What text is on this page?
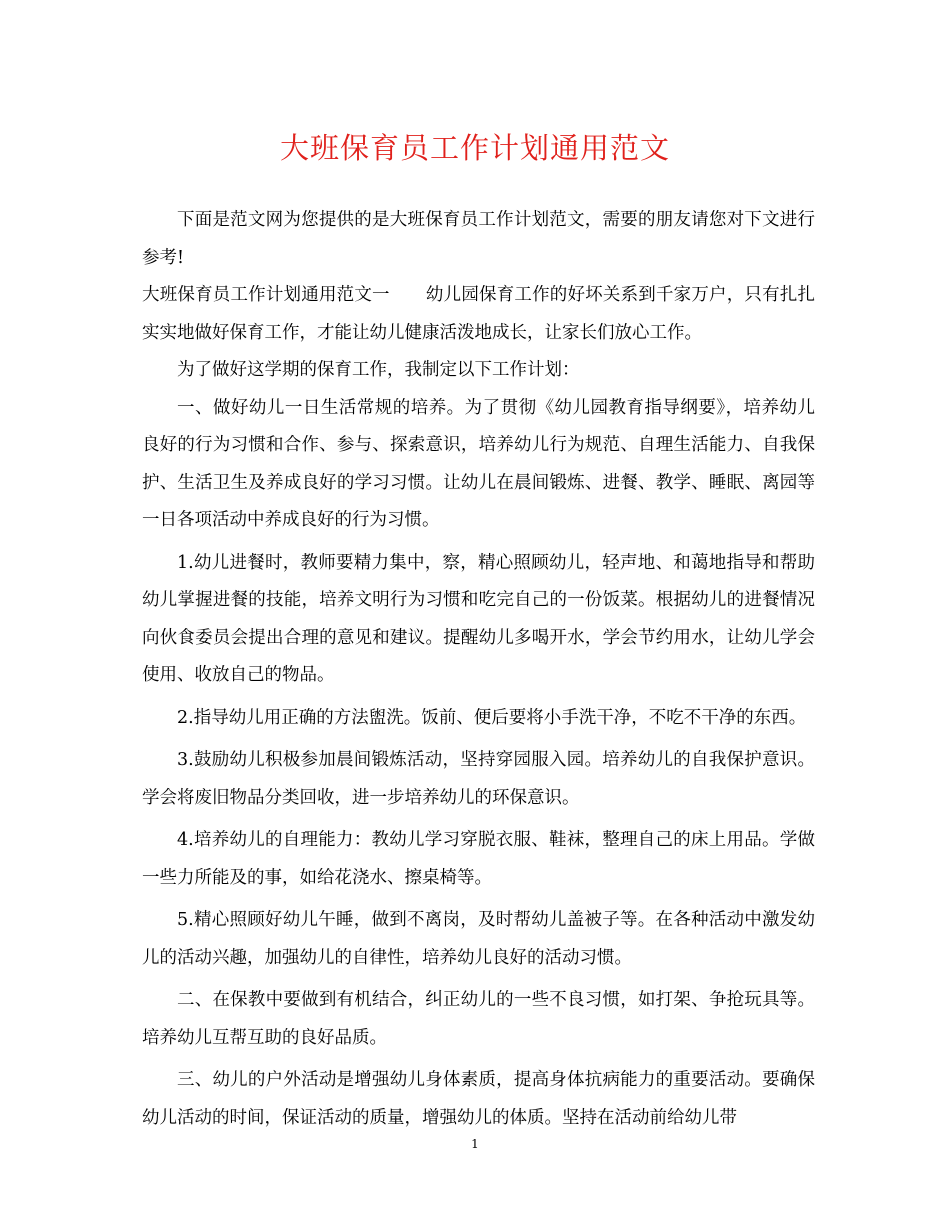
大班保育员工作计划通用范文

下面是范文网为您提供的是大班保育员工作计划范文，需要的朋友请您对下文进行参考!

大班保育员工作计划通用范文一 幼儿园保育工作的好坏关系到千家万户，只有扎扎实实地做好保育工作，才能让幼儿健康活泼地成长，让家长们放心工作。

为了做好这学期的保育工作，我制定以下工作计划：

一、做好幼儿一日生活常规的培养。为了贯彻《幼儿园教育指导纲要》，培养幼儿良好的行为习惯和合作、参与、探索意识，培养幼儿行为规范、自理生活能力、自我保护、生活卫生及养成良好的学习习惯。让幼儿在晨间锻炼、进餐、教学、睡眠、离园等一日各项活动中养成良好的行为习惯。

1.幼儿进餐时，教师要精力集中，察，精心照顾幼儿，轻声地、和蔼地指导和帮助幼儿掌握进餐的技能，培养文明行为习惯和吃完自己的一份饭菜。根据幼儿的进餐情况向伙食委员会提出合理的意见和建议。提醒幼儿多喝开水，学会节约用水，让幼儿学会使用、收放自己的物品。

2.指导幼儿用正确的方法盥洗。饭前、便后要将小手洗干净，不吃不干净的东西。

3.鼓励幼儿积极参加晨间锻炼活动，坚持穿园服入园。培养幼儿的自我保护意识。学会将废旧物品分类回收，进一步培养幼儿的环保意识。

4.培养幼儿的自理能力：教幼儿学习穿脱衣服、鞋袜，整理自己的床上用品。学做一些力所能及的事，如给花浇水、擦桌椅等。

5.精心照顾好幼儿午睡，做到不离岗，及时帮幼儿盖被子等。在各种活动中激发幼儿的活动兴趣，加强幼儿的自律性，培养幼儿良好的活动习惯。

二、在保教中要做到有机结合，纠正幼儿的一些不良习惯，如打架、争抢玩具等。培养幼儿互帮互助的良好品质。

三、幼儿的户外活动是增强幼儿身体素质，提高身体抗病能力的重要活动。要确保幼儿活动的时间，保证活动的质量，增强幼儿的体质。坚持在活动前给幼儿带

1
